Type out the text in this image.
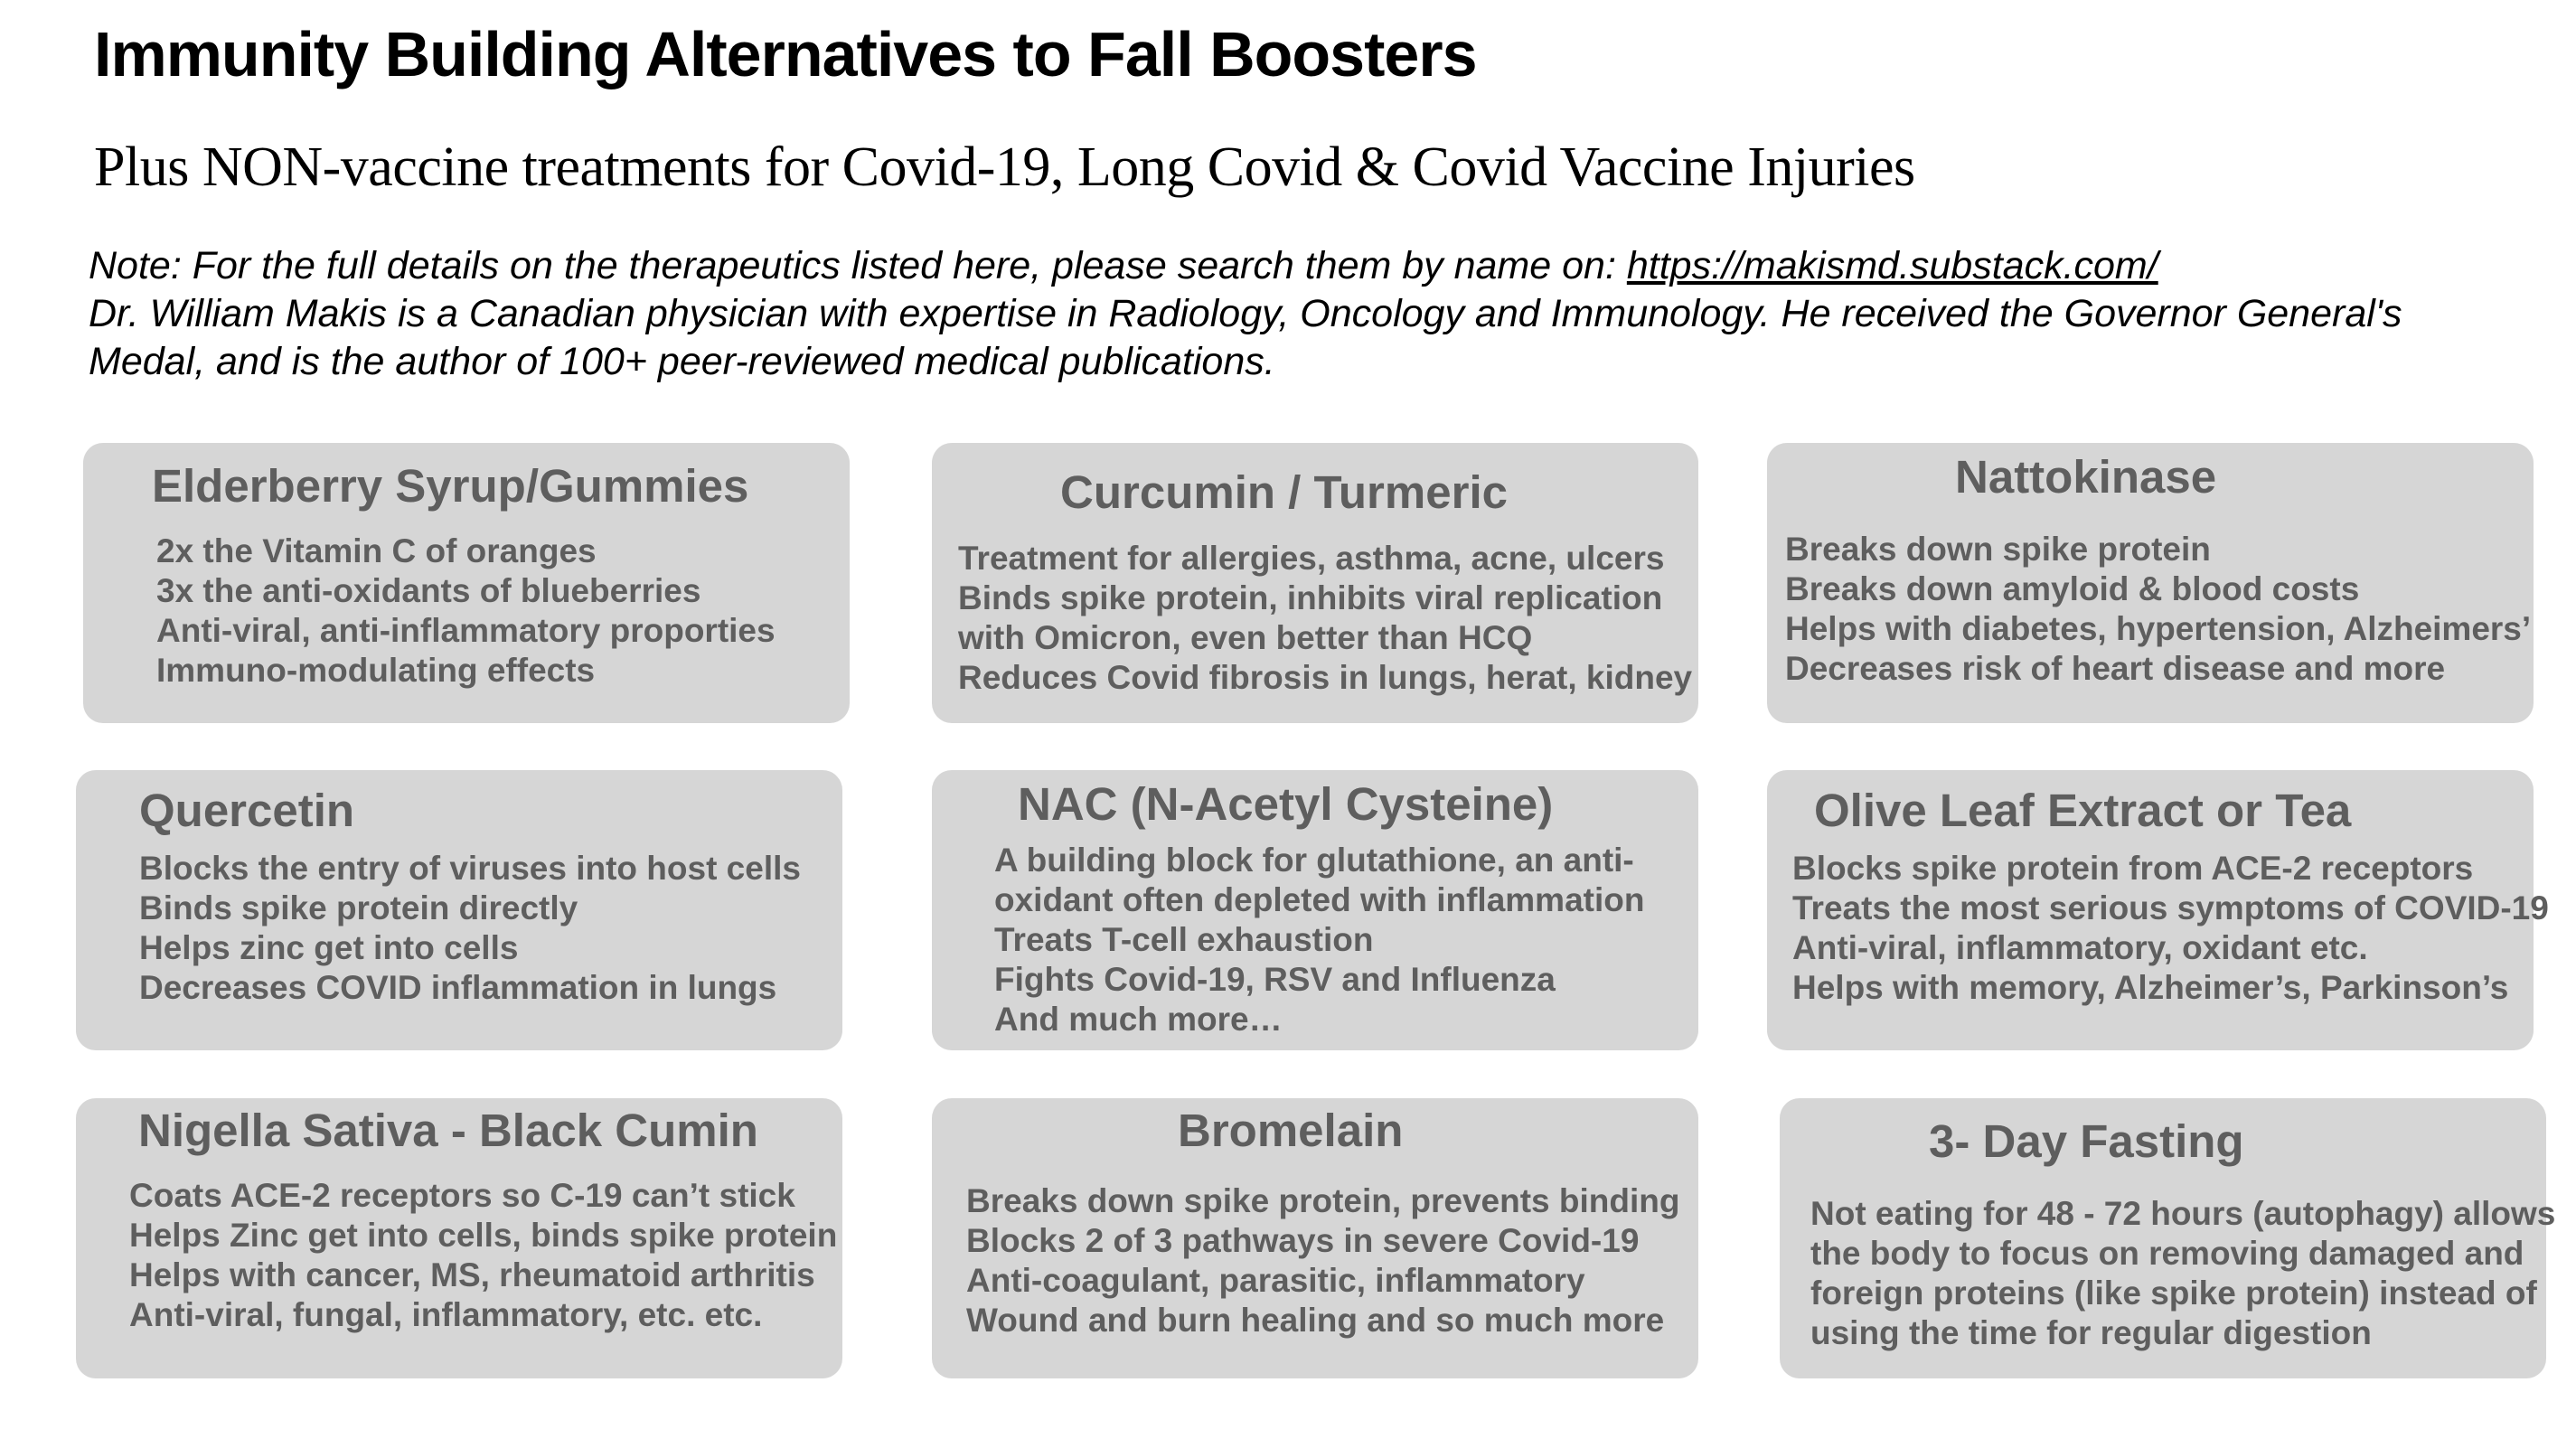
Immunity Building Alternatives to Fall Boosters
Plus NON-vaccine treatments for Covid-19, Long Covid & Covid Vaccine Injuries

Note: For the full details on the therapeutics listed here, please search them by name on: https://makismd.substack.com/

Dr. William Makis is a Canadian physician with expertise in Radiology, Oncology and Immunology. He received the Governor General's Medal, and is the author of 100+ peer-reviewed medical publications.

Elderberry Syrup/Gummies
2x the Vitamin C of oranges
3x the anti-oxidants of blueberries
Anti-viral, anti-inflammatory proporties
Immuno-modulating effects
Curcumin / Turmeric
Treatment for allergies, asthma, acne, ulcers
Binds spike protein, inhibits viral replication
with Omicron, even better than HCQ
Reduces Covid fibrosis in lungs, herat, kidney
Nattokinase
Breaks down spike protein
Breaks down amyloid & blood costs
Helps with diabetes, hypertension, Alzheimers’
Decreases risk of heart disease and more
Quercetin
Blocks the entry of viruses into host cells
Binds spike protein directly
Helps zinc get into cells
Decreases COVID inflammation in lungs
NAC (N-Acetyl Cysteine)
A building block for glutathione, an anti-
oxidant often depleted with inflammation
Treats T-cell exhaustion
Fights Covid-19, RSV and Influenza
And much more…
Olive Leaf Extract or Tea
Blocks spike protein from ACE-2 receptors
Treats the most serious symptoms of COVID-19
Anti-viral, inflammatory, oxidant etc.
Helps with memory, Alzheimer’s, Parkinson’s
Nigella Sativa - Black Cumin
Coats ACE-2 receptors so C-19 can’t stick
Helps Zinc get into cells, binds spike protein
Helps with cancer, MS, rheumatoid arthritis
Anti-viral, fungal, inflammatory, etc. etc.
Bromelain
Breaks down spike protein, prevents binding
Blocks 2 of 3 pathways in severe Covid-19
Anti-coagulant, parasitic, inflammatory
Wound and burn healing and so much more
3- Day Fasting
Not eating for 48 - 72 hours (autophagy) allows
the body to focus on removing damaged and
foreign proteins (like spike protein) instead of
using the time for regular digestion
